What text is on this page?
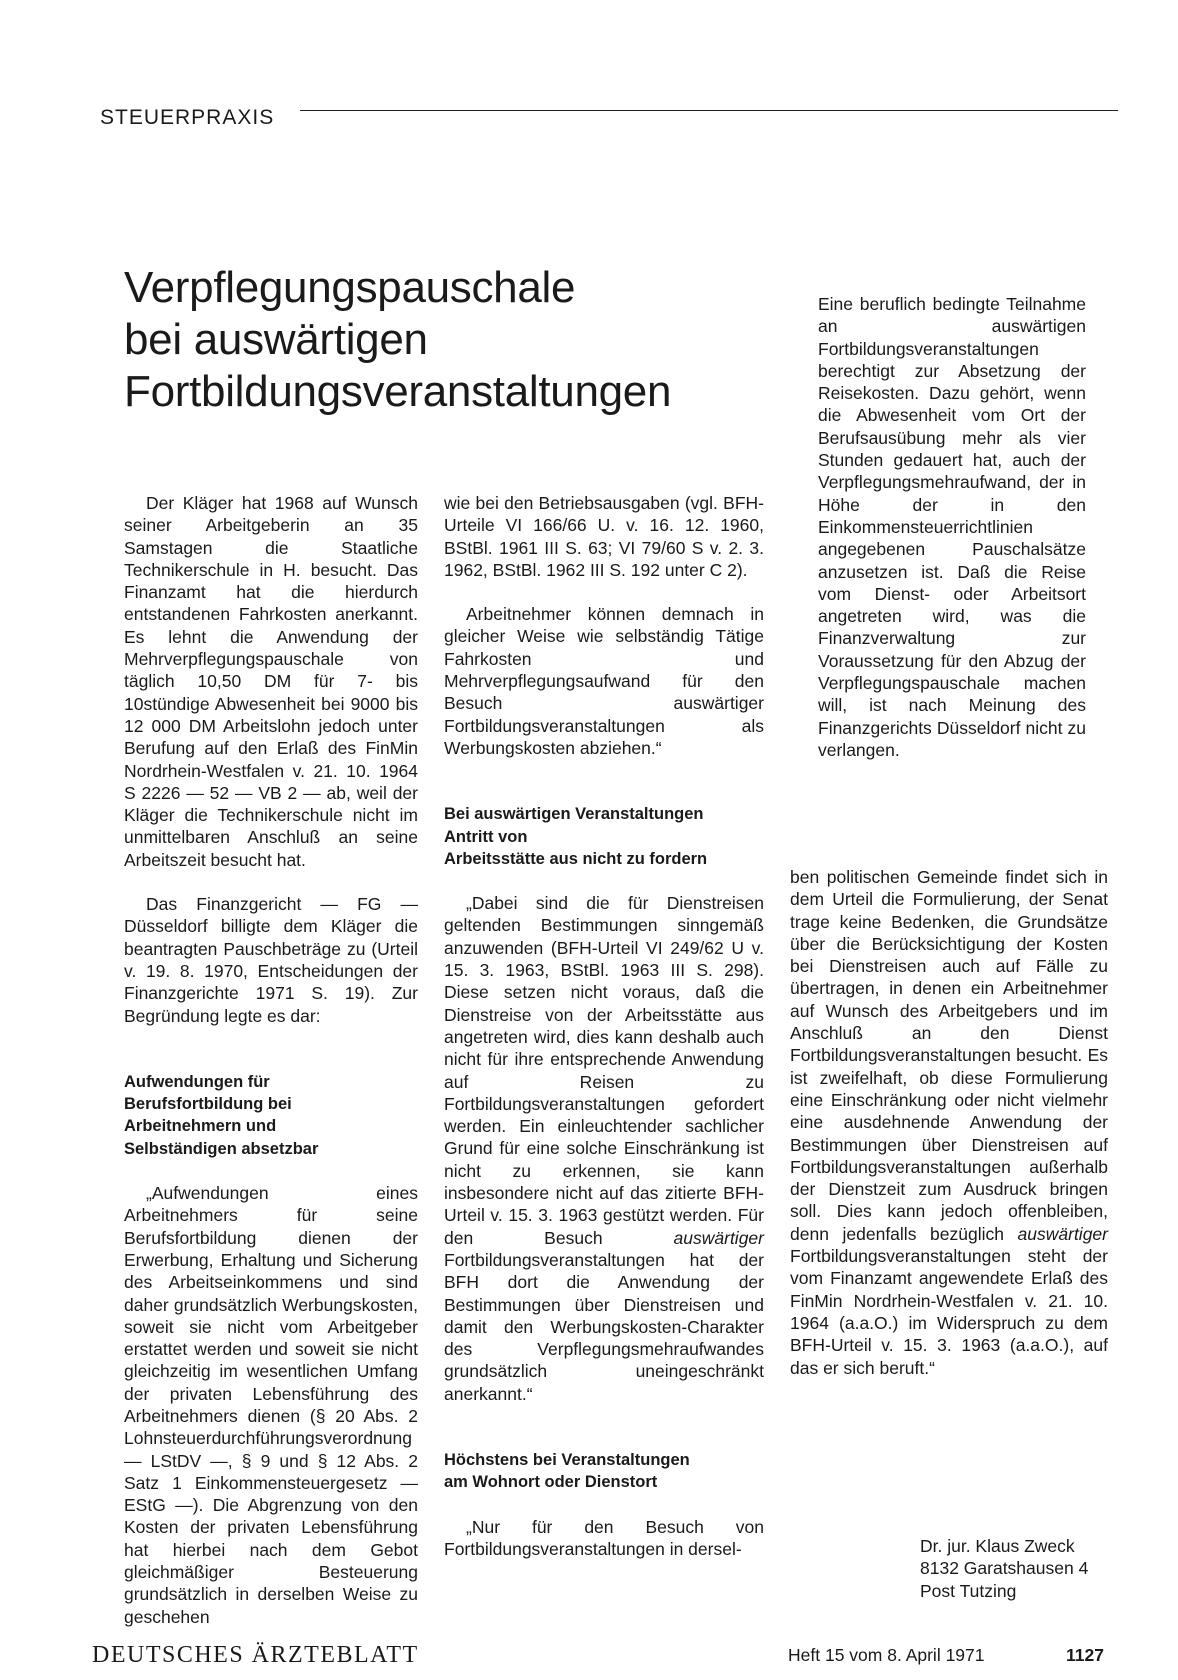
STEUERPRAXIS
Verpflegungspauschale
bei auswärtigen
Fortbildungsveranstaltungen

Der Kläger hat 1968 auf Wunsch seiner Arbeitgeberin an 35 Samstagen die Staatliche Technikerschule in H. besucht. Das Finanzamt hat die hierdurch entstandenen Fahrkosten anerkannt. Es lehnt die Anwendung der Mehrverpflegungspauschale von täglich 10,50 DM für 7- bis 10stündige Abwesenheit bei 9000 bis 12 000 DM Arbeitslohn jedoch unter Berufung auf den Erlaß des FinMin Nordrhein-Westfalen v. 21. 10. 1964 S 2226 — 52 — VB 2 — ab, weil der Kläger die Technikerschule nicht im unmittelbaren Anschluß an seine Arbeitszeit besucht hat.

Das Finanzgericht — FG — Düsseldorf billigte dem Kläger die beantragten Pauschbeträge zu (Urteil v. 19. 8. 1970, Entscheidungen der Finanzgerichte 1971 S. 19). Zur Begründung legte es dar:

Aufwendungen für
Berufsfortbildung bei
Arbeitnehmern und
Selbständigen absetzbar

„Aufwendungen eines Arbeitnehmers für seine Berufsfortbildung dienen der Erwerbung, Erhaltung und Sicherung des Arbeitseinkommens und sind daher grundsätzlich Werbungskosten, soweit sie nicht vom Arbeitgeber erstattet werden und soweit sie nicht gleichzeitig im wesentlichen Umfang der privaten Lebensführung des Arbeitnehmers dienen (§ 20 Abs. 2 Lohnsteuerdurchführungsverordnung — LStDV —, § 9 und § 12 Abs. 2 Satz 1 Einkommensteuergesetz — EStG —). Die Abgrenzung von den Kosten der privaten Lebensführung hat hierbei nach dem Gebot gleichmäßiger Besteuerung grundsätzlich in derselben Weise zu geschehen

wie bei den Betriebsausgaben (vgl. BFH-Urteile VI 166/66 U. v. 16. 12. 1960, BStBl. 1961 III S. 63; VI 79/60 S v. 2. 3. 1962, BStBl. 1962 III S. 192 unter C 2).

Arbeitnehmer können demnach in gleicher Weise wie selbständig Tätige Fahrkosten und Mehrverpflegungsaufwand für den Besuch auswärtiger Fortbildungsveranstaltungen als Werbungskosten abziehen.“

Bei auswärtigen Veranstaltungen
Antritt von
Arbeitsstätte aus nicht zu fordern

„Dabei sind die für Dienstreisen geltenden Bestimmungen sinngemäß anzuwenden (BFH-Urteil VI 249/62 U v. 15. 3. 1963, BStBl. 1963 III S. 298). Diese setzen nicht voraus, daß die Dienstreise von der Arbeitsstätte aus angetreten wird, dies kann deshalb auch nicht für ihre entsprechende Anwendung auf Reisen zu Fortbildungsveranstaltungen gefordert werden. Ein einleuchtender sachlicher Grund für eine solche Einschränkung ist nicht zu erkennen, sie kann insbesondere nicht auf das zitierte BFH-Urteil v. 15. 3. 1963 gestützt werden. Für den Besuch auswärtiger Fortbildungsveranstaltungen hat der BFH dort die Anwendung der Bestimmungen über Dienstreisen und damit den Werbungskosten-Charakter des Verpflegungsmehraufwandes grundsätzlich uneingeschränkt anerkannt.“

Höchstens bei Veranstaltungen
am Wohnort oder Dienstort

„Nur für den Besuch von Fortbildungsveranstaltungen in dersel-

Eine beruflich bedingte Teilnahme an auswärtigen Fortbildungsveranstaltungen berechtigt zur Absetzung der Reisekosten. Dazu gehört, wenn die Abwesenheit vom Ort der Berufsausübung mehr als vier Stunden gedauert hat, auch der Verpflegungsmehraufwand, der in Höhe der in den Einkommensteuerrichtlinien angegebenen Pauschalsätze anzusetzen ist. Daß die Reise vom Dienst- oder Arbeitsort angetreten wird, was die Finanzverwaltung zur Voraussetzung für den Abzug der Verpflegungspauschale machen will, ist nach Meinung des Finanzgerichts Düsseldorf nicht zu verlangen.

ben politischen Gemeinde findet sich in dem Urteil die Formulierung, der Senat trage keine Bedenken, die Grundsätze über die Berücksichtigung der Kosten bei Dienstreisen auch auf Fälle zu übertragen, in denen ein Arbeitnehmer auf Wunsch des Arbeitgebers und im Anschluß an den Dienst Fortbildungsveranstaltungen besucht. Es ist zweifelhaft, ob diese Formulierung eine Einschränkung oder nicht vielmehr eine ausdehnende Anwendung der Bestimmungen über Dienstreisen auf Fortbildungsveranstaltungen außerhalb der Dienstzeit zum Ausdruck bringen soll. Dies kann jedoch offenbleiben, denn jedenfalls bezüglich auswärtiger Fortbildungsveranstaltungen steht der vom Finanzamt angewendete Erlaß des FinMin Nordrhein-Westfalen v. 21. 10. 1964 (a.a.O.) im Widerspruch zu dem BFH-Urteil v. 15. 3. 1963 (a.a.O.), auf das er sich beruft.“

Dr. jur. Klaus Zweck
8132 Garatshausen 4
Post Tutzing
DEUTSCHES ÄRZTEBLATT	Heft 15 vom 8. April 1971	1127
